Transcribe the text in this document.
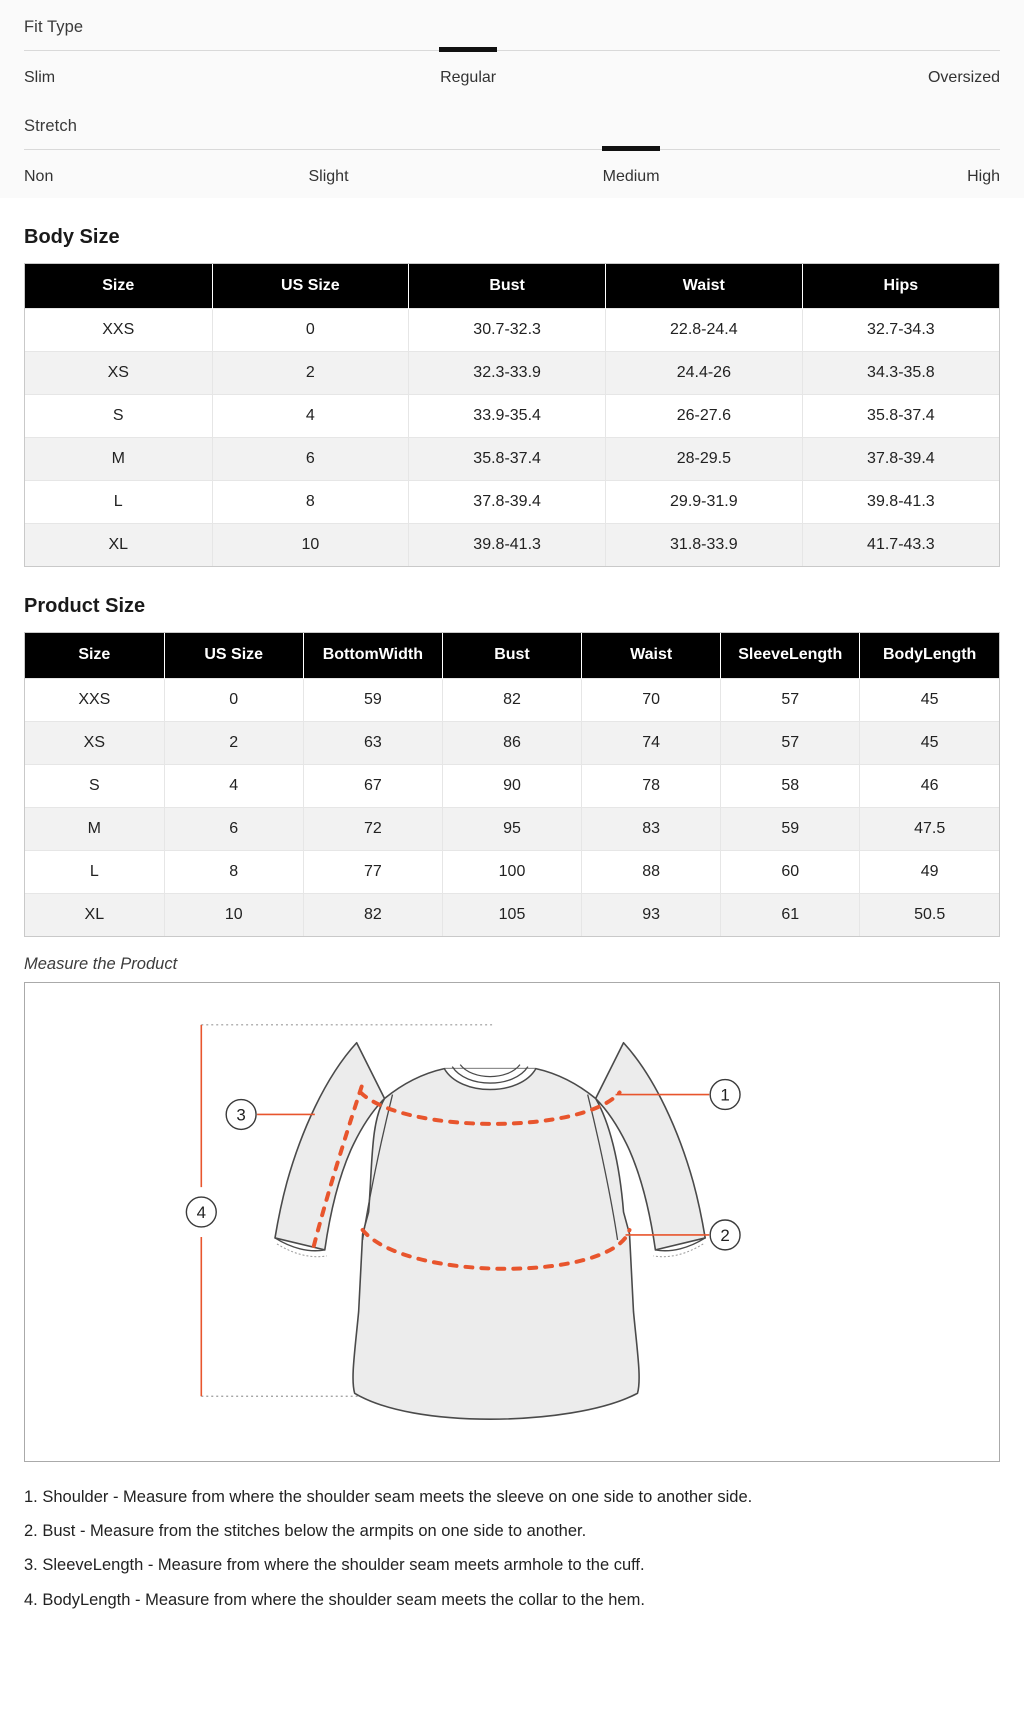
Fit Type
Slim	Regular	Oversized
Stretch
Non	Slight	Medium	High
Body Size
Size	US Size	Bust	Waist	Hips
XXS	0	30.7-32.3	22.8-24.4	32.7-34.3
XS	2	32.3-33.9	24.4-26	34.3-35.8
S	4	33.9-35.4	26-27.6	35.8-37.4
M	6	35.8-37.4	28-29.5	37.8-39.4
L	8	37.8-39.4	29.9-31.9	39.8-41.3
XL	10	39.8-41.3	31.8-33.9	41.7-43.3
Product Size
Size	US Size	BottomWidth	Bust	Waist	SleeveLength	BodyLength
XXS	0	59	82	70	57	45
XS	2	63	86	74	57	45
S	4	67	90	78	58	46
M	6	72	95	83	59	47.5
L	8	77	100	88	60	49
XL	10	82	105	93	61	50.5
Measure the Product
1
2
3
4
1. Shoulder - Measure from where the shoulder seam meets the sleeve on one side to another side.
2. Bust - Measure from the stitches below the armpits on one side to another.
3. SleeveLength - Measure from where the shoulder seam meets armhole to the cuff.
4. BodyLength - Measure from where the shoulder seam meets the collar to the hem.
